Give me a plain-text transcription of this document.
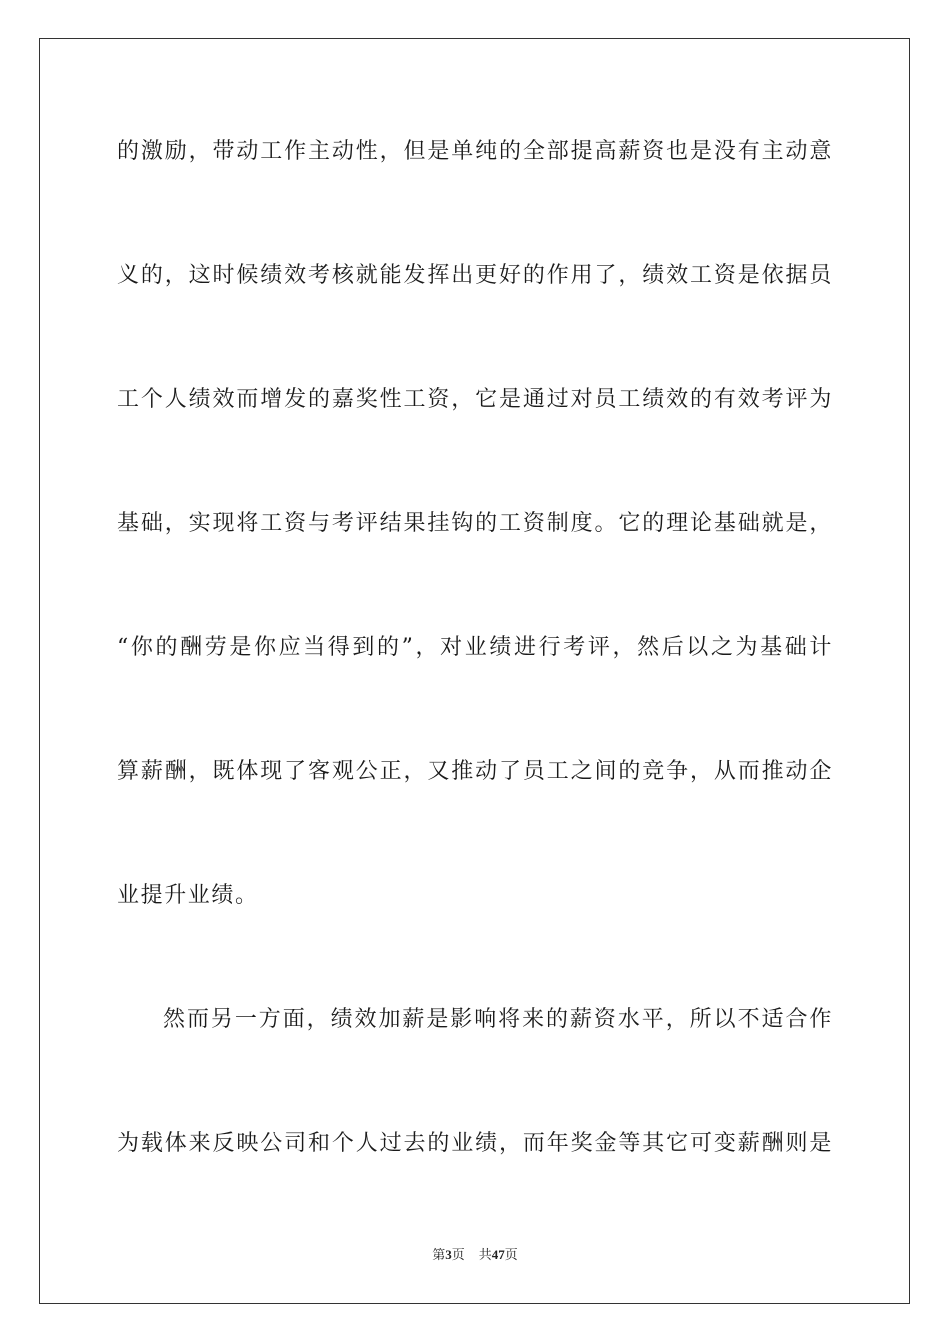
的激励，带动工作主动性，但是单纯的全部提高薪资也是没有主动意
义的，这时候绩效考核就能发挥出更好的作用了，绩效工资是依据员
工个人绩效而增发的嘉奖性工资，它是通过对员工绩效的有效考评为
基础，实现将工资与考评结果挂钩的工资制度。它的理论基础就是，
“你的酬劳是你应当得到的”，对业绩进行考评，然后以之为基础计
算薪酬，既体现了客观公正，又推动了员工之间的竞争，从而推动企
业提升业绩。
然而另一方面，绩效加薪是影响将来的薪资水平，所以不适合作
为载体来反映公司和个人过去的业绩，而年奖金等其它可变薪酬则是
第3页 共47页
